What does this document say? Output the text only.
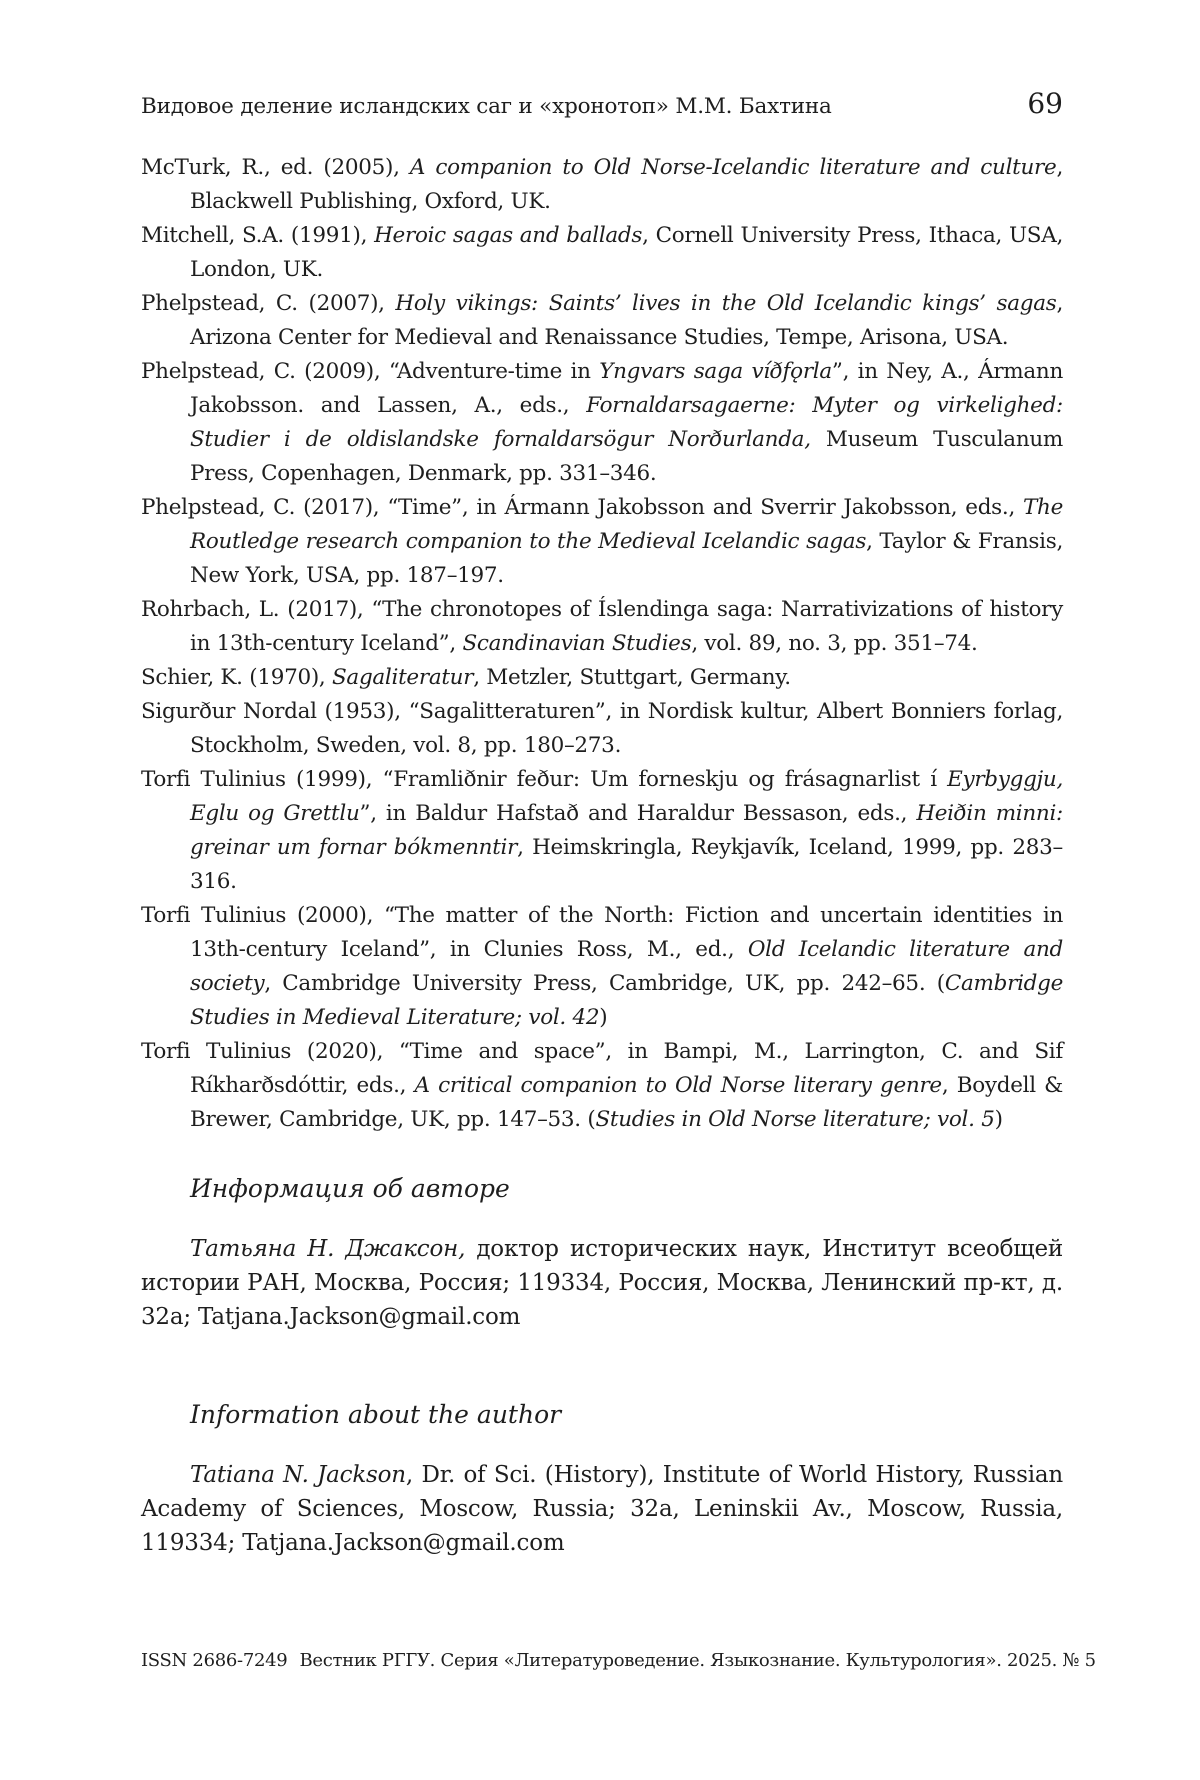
Видовое деление исландских саг и «хронотоп» М.М. Бахтина	69

McTurk, R., ed. (2005), A companion to Old Norse-Icelandic literature and culture, Blackwell Publishing, Oxford, UK.

Mitchell, S.A. (1991), Heroic sagas and ballads, Cornell University Press, Ithaca, USA, London, UK.

Phelpstead, C. (2007), Holy vikings: Saints’ lives in the Old Icelandic kings’ sagas, Arizona Center for Medieval and Renaissance Studies, Tempe, Arisona, USA.

Phelpstead, C. (2009), “Adventure-time in Yngvars saga víðfǫrla”, in Ney, A., Ármann Jakobsson. and Lassen, A., eds., Fornaldarsagaerne: Myter og virkelighed: Studier i de oldislandske fornaldarsögur Norðurlanda, Museum Tusculanum Press, Copenhagen, Denmark, pp. 331–346.

Phelpstead, C. (2017), “Time”, in Ármann Jakobsson and Sverrir Jakobsson, eds., The Routledge research companion to the Medieval Icelandic sagas, Taylor & Fransis, New York, USA, pp. 187–197.

Rohrbach, L. (2017), “The chronotopes of Íslendinga saga: Narrativizations of history in 13th-century Iceland”, Scandinavian Studies, vol. 89, no. 3, pp. 351–74.

Schier, K. (1970), Sagaliteratur, Metzler, Stuttgart, Germany.

Sigurður Nordal (1953), “Sagalitteraturen”, in Nordisk kultur, Albert Bonniers forlag, Stockholm, Sweden, vol. 8, pp. 180–273.

Torfi Tulinius (1999), “Framliðnir feður: Um forneskju og frásagnarlist í Eyrbyggju, Eglu og Grettlu”, in Baldur Hafstað and Haraldur Bessason, eds., Heiðin minni: greinar um fornar bókmenntir, Heimskringla, Reykjavík, Iceland, 1999, pp. 283–316.

Torfi Tulinius (2000), “The matter of the North: Fiction and uncertain identities in 13th-century Iceland”, in Clunies Ross, M., ed., Old Icelandic literature and society, Cambridge University Press, Cambridge, UK, pp. 242–65. (Cambridge Studies in Medieval Literature; vol. 42)

Torfi Tulinius (2020), “Time and space”, in Bampi, M., Larrington, C. and Sif Ríkharðsdóttir, eds., A critical companion to Old Norse literary genre, Boydell & Brewer, Cambridge, UK, pp. 147–53. (Studies in Old Norse literature; vol. 5)

Информация об авторе

Татьяна Н. Джаксон, доктор исторических наук, Институт всеобщей истории РАН, Москва, Россия; 119334, Россия, Москва, Ленинский пр-кт, д. 32а; Tatjana.Jackson@gmail.com

Information about the author

Tatiana N. Jackson, Dr. of Sci. (History), Institute of World History, Russian Academy of Sciences, Moscow, Russia; 32a, Leninskii Av., Moscow, Russia, 119334; Tatjana.Jackson@gmail.com

ISSN 2686-7249 Вестник РГГУ. Серия «Литературоведение. Языкознание. Культурология». 2025. № 5
